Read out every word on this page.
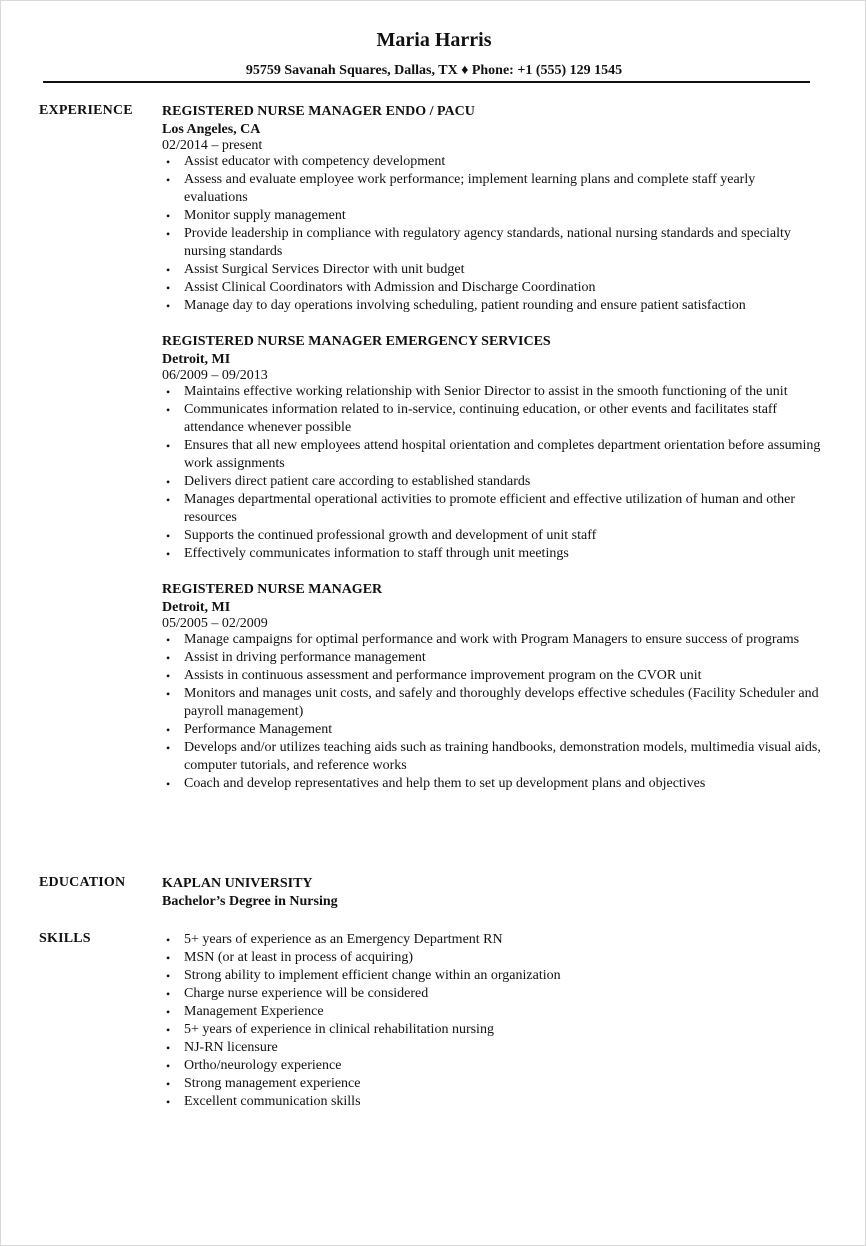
Maria Harris
95759 Savanah Squares, Dallas, TX ♦ Phone: +1 (555) 129 1545
EXPERIENCE REGISTERED NURSE MANAGER ENDO / PACU
Los Angeles, CA
02/2014 – present
• Assist educator with competency development
• Assess and evaluate employee work performance; implement learning plans and complete staff yearly evaluations
• Monitor supply management
• Provide leadership in compliance with regulatory agency standards, national nursing standards and specialty nursing standards
• Assist Surgical Services Director with unit budget
• Assist Clinical Coordinators with Admission and Discharge Coordination
• Manage day to day operations involving scheduling, patient rounding and ensure patient satisfaction
REGISTERED NURSE MANAGER EMERGENCY SERVICES
Detroit, MI
06/2009 – 09/2013
• Maintains effective working relationship with Senior Director to assist in the smooth functioning of the unit
• Communicates information related to in-service, continuing education, or other events and facilitates staff attendance whenever possible
• Ensures that all new employees attend hospital orientation and completes department orientation before assuming work assignments
• Delivers direct patient care according to established standards
• Manages departmental operational activities to promote efficient and effective utilization of human and other resources
• Supports the continued professional growth and development of unit staff
• Effectively communicates information to staff through unit meetings
REGISTERED NURSE MANAGER
Detroit, MI
05/2005 – 02/2009
• Manage campaigns for optimal performance and work with Program Managers to ensure success of programs
• Assist in driving performance management
• Assists in continuous assessment and performance improvement program on the CVOR unit
• Monitors and manages unit costs, and safely and thoroughly develops effective schedules (Facility Scheduler and payroll management)
• Performance Management
• Develops and/or utilizes teaching aids such as training handbooks, demonstration models, multimedia visual aids, computer tutorials, and reference works
• Coach and develop representatives and help them to set up development plans and objectives
EDUCATION	KAPLAN UNIVERSITY
Bachelor’s Degree in Nursing
SKILLS	• 5+ years of experience as an Emergency Department RN
• MSN (or at least in process of acquiring)
• Strong ability to implement efficient change within an organization
• Charge nurse experience will be considered
• Management Experience
• 5+ years of experience in clinical rehabilitation nursing
• NJ-RN licensure
• Ortho/neurology experience
• Strong management experience
• Excellent communication skills
